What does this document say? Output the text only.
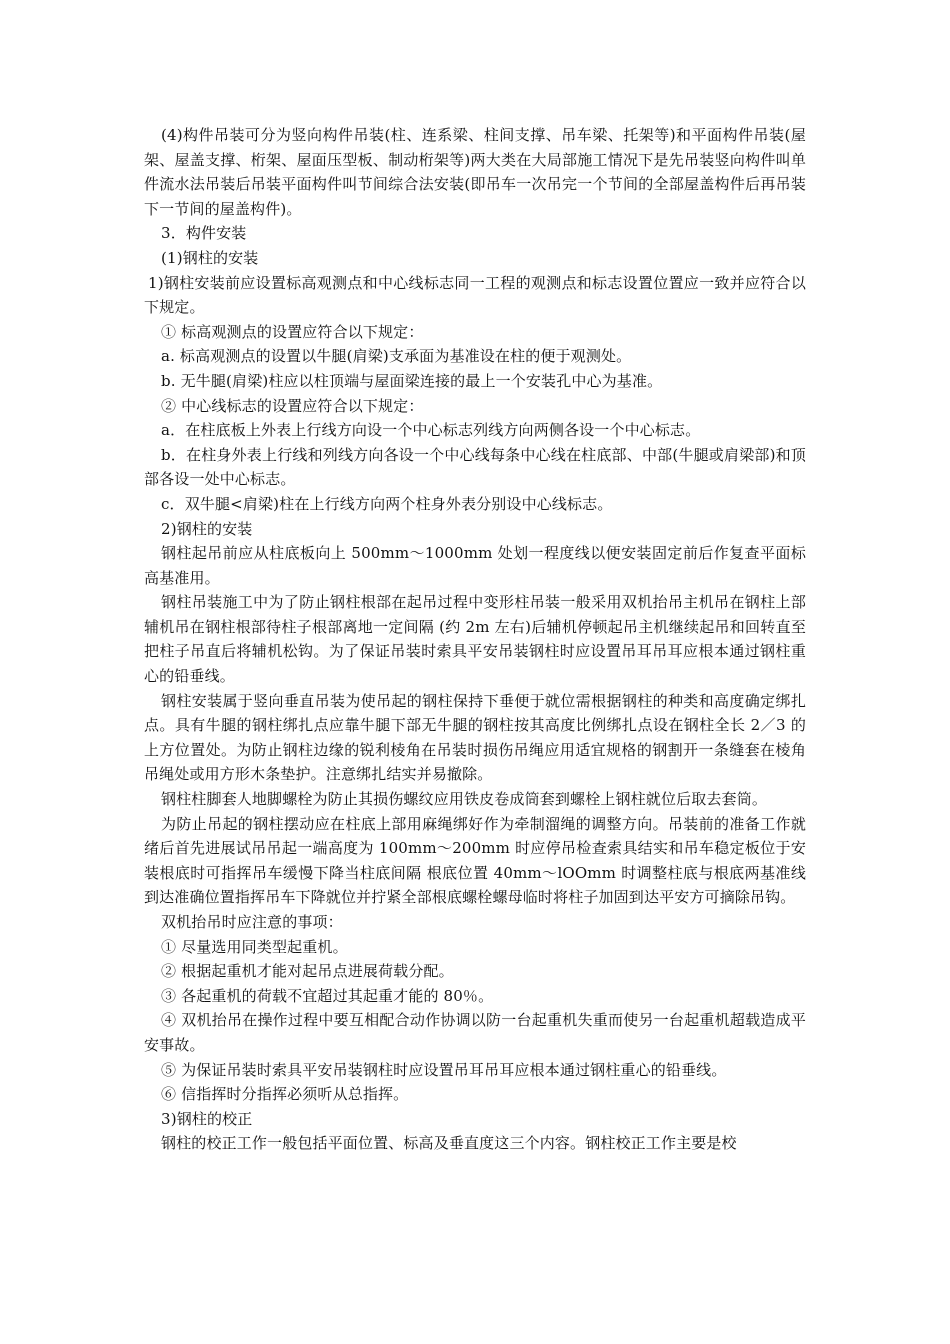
(4)构件吊装可分为竖向构件吊装(柱、连系梁、柱间支撑、吊车梁、托架等)和平面构件吊装(屋架、屋盖支撑、桁架、屋面压型板、制动桁架等)两大类在大局部施工情况下是先吊装竖向构件叫单件流水法吊装后吊装平面构件叫节间综合法安装(即吊车一次吊完一个节间的全部屋盖构件后再吊装下一节间的屋盖构件)。

3．构件安装

(1)钢柱的安装

1)钢柱安装前应设置标高观测点和中心线标志同一工程的观测点和标志设置位置应一致并应符合以下规定。

① 标高观测点的设置应符合以下规定：

a. 标高观测点的设置以牛腿(肩梁)支承面为基准设在柱的便于观测处。

b. 无牛腿(肩梁)柱应以柱顶端与屋面梁连接的最上一个安装孔中心为基准。

② 中心线标志的设置应符合以下规定：

a．在柱底板上外表上行线方向设一个中心标志列线方向两侧各设一个中心标志。

b．在柱身外表上行线和列线方向各设一个中心线每条中心线在柱底部、中部(牛腿或肩梁部)和顶部各设一处中心标志。

c．双牛腿<肩梁)柱在上行线方向两个柱身外表分别设中心线标志。

2)钢柱的安装

钢柱起吊前应从柱底板向上 500mm～1000mm 处划一程度线以便安装固定前后作复查平面标高基准用。

钢柱吊装施工中为了防止钢柱根部在起吊过程中变形柱吊装一般采用双机抬吊主机吊在钢柱上部辅机吊在钢柱根部待柱子根部离地一定间隔 (约 2m 左右)后辅机停顿起吊主机继续起吊和回转直至把柱子吊直后将辅机松钩。为了保证吊装时索具平安吊装钢柱时应设置吊耳吊耳应根本通过钢柱重心的铅垂线。

钢柱安装属于竖向垂直吊装为使吊起的钢柱保持下垂便于就位需根据钢柱的种类和高度确定绑扎点。具有牛腿的钢柱绑扎点应靠牛腿下部无牛腿的钢柱按其高度比例绑扎点设在钢柱全长 2／3 的上方位置处。为防止钢柱边缘的锐利棱角在吊装时损伤吊绳应用适宜规格的钢割开一条缝套在棱角吊绳处或用方形木条垫护。注意绑扎结实并易撤除。

钢柱柱脚套人地脚螺栓为防止其损伤螺纹应用铁皮卷成筒套到螺栓上钢柱就位后取去套筒。

为防止吊起的钢柱摆动应在柱底上部用麻绳绑好作为牵制溜绳的调整方向。吊装前的准备工作就绪后首先进展试吊吊起一端高度为 100mm～200mm 时应停吊检查索具结实和吊车稳定板位于安装根底时可指挥吊车缓慢下降当柱底间隔 根底位置 40mm～lOOmm 时调整柱底与根底两基准线到达准确位置指挥吊车下降就位并拧紧全部根底螺栓螺母临时将柱子加固到达平安方可摘除吊钩。

双机抬吊时应注意的事项：

① 尽量选用同类型起重机。

② 根据起重机才能对起吊点进展荷载分配。

③ 各起重机的荷载不宜超过其起重才能的 80％。

④ 双机抬吊在操作过程中要互相配合动作协调以防一台起重机失重而使另一台起重机超载造成平安事故。

⑤ 为保证吊装时索具平安吊装钢柱时应设置吊耳吊耳应根本通过钢柱重心的铅垂线。

⑥ 信指挥时分指挥必须听从总指挥。

3)钢柱的校正

钢柱的校正工作一般包括平面位置、标高及垂直度这三个内容。钢柱校正工作主要是校
